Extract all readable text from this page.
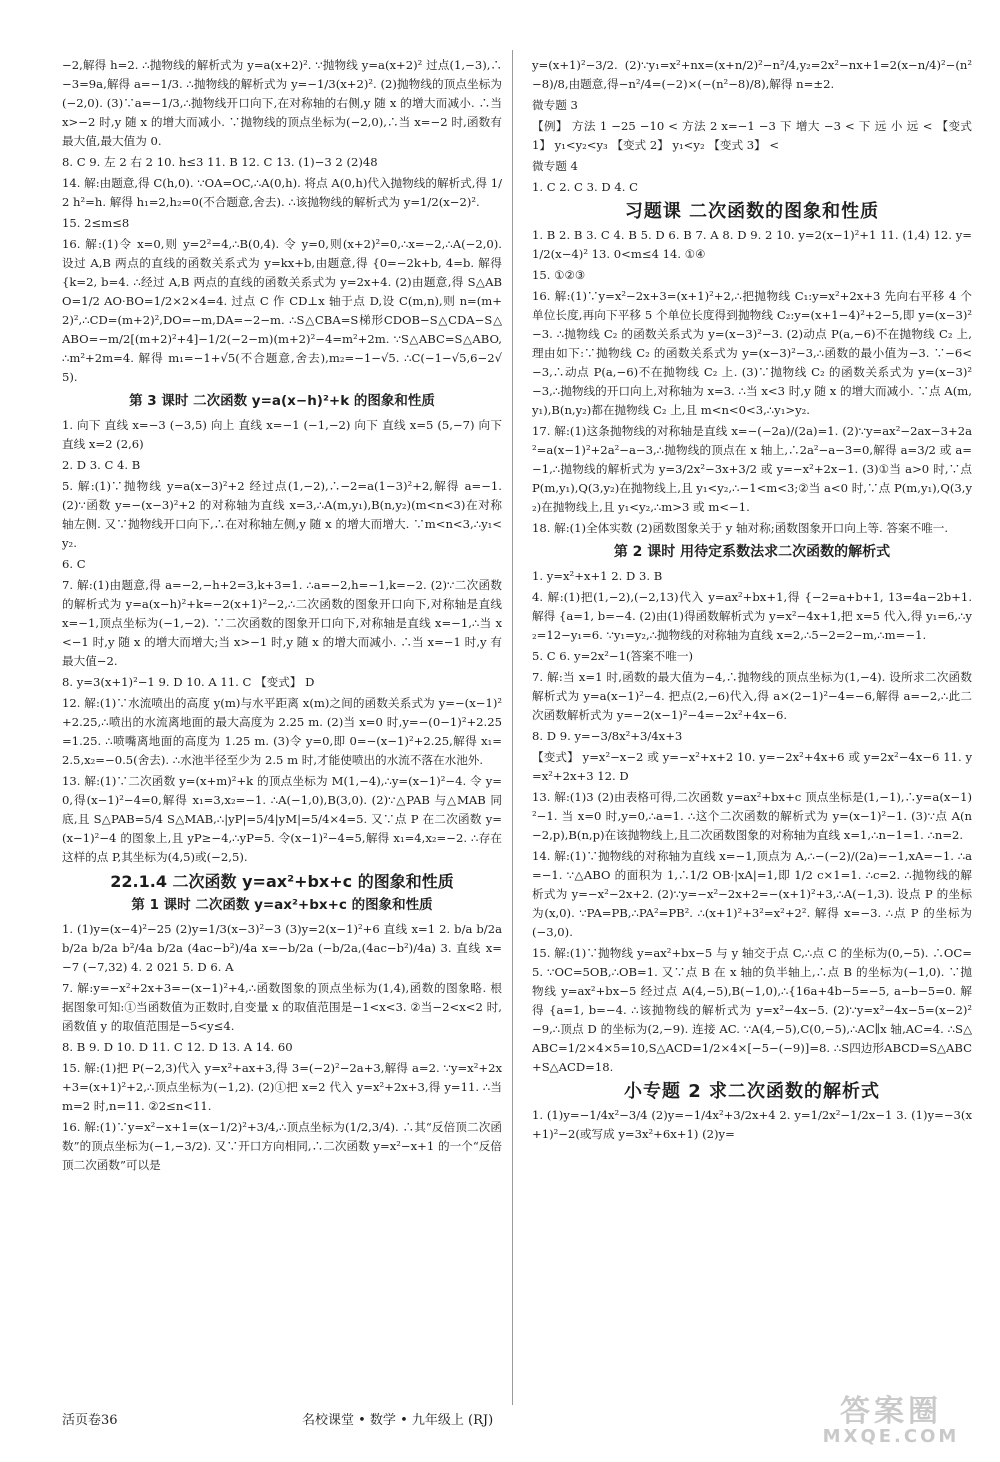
−2,解得 h=2. ∴抛物线的解析式为 y=a(x+2)². ∵抛物线 y=a(x+2)² 过点(1,−3),∴−3=9a,解得 a=−1/3. ∴抛物线的解析式为 y=−1/3(x+2)². (2)抛物线的顶点坐标为(−2,0). (3)∵a=−1/3,∴抛物线开口向下,在对称轴的右侧,y 随 x 的增大而减小. ∴当 x>−2 时,y 随 x 的增大而减小. ∵抛物线的顶点坐标为(−2,0),∴当 x=−2 时,函数有最大值,最大值为 0.
8. C 9. 左 2 右 2 10. h≤3 11. B 12. C 13. (1)−3 2 (2)48
14. 解:由题意,得 C(h,0). ∵OA=OC,∴A(0,h). 将点 A(0,h)代入抛物线的解析式,得 1/2 h²=h. 解得 h₁=2,h₂=0(不合题意,舍去). ∴该抛物线的解析式为 y=1/2(x−2)².
15. 2≤m≤8
16. 解:(1)令 x=0,则 y=2²=4,∴B(0,4). 令 y=0,则(x+2)²=0,∴x=−2,∴A(−2,0). 设过 A,B 两点的直线的函数关系式为 y=kx+b,由题意,得 {0=−2k+b, 4=b. 解得 {k=2, b=4. ∴经过 A,B 两点的直线的函数关系式为 y=2x+4. (2)由题意,得 S△ABO=1/2 AO·BO=1/2×2×4=4. 过点 C 作 CD⊥x 轴于点 D,设 C(m,n),则 n=(m+2)²,∴CD=(m+2)²,DO=−m,DA=−2−m. ∴S△CBA=S梯形CDOB−S△CDA−S△ABO=−m/2[(m+2)²+4]−1/2(−2−m)(m+2)²−4=m²+2m. ∵S△ABC=S△ABO,∴m²+2m=4. 解得 m₁=−1+√5(不合题意,舍去),m₂=−1−√5. ∴C(−1−√5,6−2√5).
第 3 课时 二次函数 y=a(x−h)²+k 的图象和性质
1. 向下 直线 x=−3 (−3,5) 向上 直线 x=−1 (−1,−2) 向下 直线 x=5 (5,−7) 向下 直线 x=2 (2,6)
2. D 3. C 4. B
5. 解:(1)∵抛物线 y=a(x−3)²+2 经过点(1,−2),∴−2=a(1−3)²+2,解得 a=−1. (2)∵函数 y=−(x−3)²+2 的对称轴为直线 x=3,∴A(m,y₁),B(n,y₂)(m<n<3)在对称轴左侧. 又∵抛物线开口向下,∴在对称轴左侧,y 随 x 的增大而增大. ∵m<n<3,∴y₁<y₂.
6. C
7. 解:(1)由题意,得 a=−2,−h+2=3,k+3=1. ∴a=−2,h=−1,k=−2. (2)∵二次函数的解析式为 y=a(x−h)²+k=−2(x+1)²−2,∴二次函数的图象开口向下,对称轴是直线 x=−1,顶点坐标为(−1,−2). ∵二次函数的图象开口向下,对称轴是直线 x=−1,∴当 x<−1 时,y 随 x 的增大而增大;当 x>−1 时,y 随 x 的增大而减小. ∴当 x=−1 时,y 有最大值−2.
8. y=3(x+1)²−1 9. D 10. A 11. C 【变式】 D
12. 解:(1)∵水流喷出的高度 y(m)与水平距离 x(m)之间的函数关系式为 y=−(x−1)²+2.25,∴喷出的水流离地面的最大高度为 2.25 m. (2)当 x=0 时,y=−(0−1)²+2.25=1.25. ∴喷嘴离地面的高度为 1.25 m. (3)令 y=0,即 0=−(x−1)²+2.25,解得 x₁=2.5,x₂=−0.5(舍去). ∴水池半径至少为 2.5 m 时,才能使喷出的水流不落在水池外.
13. 解:(1)∵二次函数 y=(x+m)²+k 的顶点坐标为 M(1,−4),∴y=(x−1)²−4. 令 y=0,得(x−1)²−4=0,解得 x₁=3,x₂=−1. ∴A(−1,0),B(3,0). (2)∵△PAB 与△MAB 同底,且 S△PAB=5/4 S△MAB,∴|yP|=5/4|yM|=5/4×4=5. 又∵点 P 在二次函数 y=(x−1)²−4 的图象上,且 yP≥−4,∴yP=5. 令(x−1)²−4=5,解得 x₁=4,x₂=−2. ∴存在这样的点 P,其坐标为(4,5)或(−2,5).
22.1.4 二次函数 y=ax²+bx+c 的图象和性质
第 1 课时 二次函数 y=ax²+bx+c 的图象和性质
1. (1)y=(x−4)²−25 (2)y=1/3(x−3)²−3 (3)y=2(x−1)²+6 直线 x=1 2. b/a b/2a b/2a b/2a b²/4a b/2a (4ac−b²)/4a x=−b/2a (−b/2a,(4ac−b²)/4a) 3. 直线 x=−7 (−7,32) 4. 2 021 5. D 6. A
7. 解:y=−x²+2x+3=−(x−1)²+4,∴函数图象的顶点坐标为(1,4),函数的图象略. 根据图象可知:①当函数值为正数时,自变量 x 的取值范围是−1<x<3. ②当−2<x<2 时,函数值 y 的取值范围是−5<y≤4.
8. B 9. D 10. D 11. C 12. D 13. A 14. 60
15. 解:(1)把 P(−2,3)代入 y=x²+ax+3,得 3=(−2)²−2a+3,解得 a=2. ∵y=x²+2x+3=(x+1)²+2,∴顶点坐标为(−1,2). (2)①把 x=2 代入 y=x²+2x+3,得 y=11. ∴当 m=2 时,n=11. ②2≤n<11.
16. 解:(1)∵y=x²−x+1=(x−1/2)²+3/4,∴顶点坐标为(1/2,3/4). ∴其“反倍顶二次函数”的顶点坐标为(−1,−3/2). 又∵开口方向相同,∴二次函数 y=x²−x+1 的一个“反倍顶二次函数”可以是
y=(x+1)²−3/2. (2)∵y₁=x²+nx=(x+n/2)²−n²/4,y₂=2x²−nx+1=2(x−n/4)²−(n²−8)/8,由题意,得−n²/4=(−2)×(−(n²−8)/8),解得 n=±2.
微专题 3
【例】 方法 1 −25 −10 < 方法 2 x=−1 −3 下 增大 −3 < 下 远 小 远 < 【变式 1】 y₁<y₂<y₃ 【变式 2】 y₁<y₂ 【变式 3】 <
微专题 4
1. C 2. C 3. D 4. C
习题课 二次函数的图象和性质
1. B 2. B 3. C 4. B 5. D 6. B 7. A 8. D 9. 2 10. y=2(x−1)²+1 11. (1,4) 12. y=1/2(x−4)² 13. 0<m≤4 14. ①④
15. ①②③
16. 解:(1)∵y=x²−2x+3=(x+1)²+2,∴把抛物线 C₁:y=x²+2x+3 先向右平移 4 个单位长度,再向下平移 5 个单位长度得到抛物线 C₂:y=(x+1−4)²+2−5,即 y=(x−3)²−3. ∴抛物线 C₂ 的函数关系式为 y=(x−3)²−3. (2)动点 P(a,−6)不在抛物线 C₂ 上,理由如下:∵抛物线 C₂ 的函数关系式为 y=(x−3)²−3,∴函数的最小值为−3. ∵−6<−3,∴动点 P(a,−6)不在抛物线 C₂ 上. (3)∵抛物线 C₂ 的函数关系式为 y=(x−3)²−3,∴抛物线的开口向上,对称轴为 x=3. ∴当 x<3 时,y 随 x 的增大而减小. ∵点 A(m,y₁),B(n,y₂)都在抛物线 C₂ 上,且 m<n<0<3,∴y₁>y₂.
17. 解:(1)这条抛物线的对称轴是直线 x=−(−2a)/(2a)=1. (2)∵y=ax²−2ax−3+2a²=a(x−1)²+2a²−a−3,∴抛物线的顶点在 x 轴上,∴2a²−a−3=0,解得 a=3/2 或 a=−1,∴抛物线的解析式为 y=3/2x²−3x+3/2 或 y=−x²+2x−1. (3)①当 a>0 时,∵点 P(m,y₁),Q(3,y₂)在抛物线上,且 y₁<y₂,∴−1<m<3;②当 a<0 时,∵点 P(m,y₁),Q(3,y₂)在抛物线上,且 y₁<y₂,∴m>3 或 m<−1.
18. 解:(1)全体实数 (2)函数图象关于 y 轴对称;函数图象开口向上等. 答案不唯一.
第 2 课时 用待定系数法求二次函数的解析式
1. y=x²+x+1 2. D 3. B
4. 解:(1)把(1,−2),(−2,13)代入 y=ax²+bx+1,得 {−2=a+b+1, 13=4a−2b+1. 解得 {a=1, b=−4. (2)由(1)得函数解析式为 y=x²−4x+1,把 x=5 代入,得 y₁=6,∴y₂=12−y₁=6. ∵y₁=y₂,∴抛物线的对称轴为直线 x=2,∴5−2=2−m,∴m=−1.
5. C 6. y=2x²−1(答案不唯一)
7. 解:当 x=1 时,函数的最大值为−4,∴抛物线的顶点坐标为(1,−4). 设所求二次函数解析式为 y=a(x−1)²−4. 把点(2,−6)代入,得 a×(2−1)²−4=−6,解得 a=−2,∴此二次函数解析式为 y=−2(x−1)²−4=−2x²+4x−6.
8. D 9. y=−3/8x²+3/4x+3
【变式】 y=x²−x−2 或 y=−x²+x+2 10. y=−2x²+4x+6 或 y=2x²−4x−6 11. y=x²+2x+3 12. D
13. 解:(1)3 (2)由表格可得,二次函数 y=ax²+bx+c 顶点坐标是(1,−1),∴y=a(x−1)²−1. 当 x=0 时,y=0,∴a=1. ∴这个二次函数的解析式为 y=(x−1)²−1. (3)∵点 A(n−2,p),B(n,p)在该抛物线上,且二次函数图象的对称轴为直线 x=1,∴n−1=1. ∴n=2.
14. 解:(1)∵抛物线的对称轴为直线 x=−1,顶点为 A,∴−(−2)/(2a)=−1,xA=−1. ∴a=−1. ∵△ABO 的面积为 1,∴1/2 OB·|xA|=1,即 1/2 c×1=1. ∴c=2. ∴抛物线的解析式为 y=−x²−2x+2. (2)∵y=−x²−2x+2=−(x+1)²+3,∴A(−1,3). 设点 P 的坐标为(x,0). ∵PA=PB,∴PA²=PB². ∴(x+1)²+3²=x²+2². 解得 x=−3. ∴点 P 的坐标为(−3,0).
15. 解:(1)∵抛物线 y=ax²+bx−5 与 y 轴交于点 C,∴点 C 的坐标为(0,−5). ∴OC=5. ∵OC=5OB,∴OB=1. 又∵点 B 在 x 轴的负半轴上,∴点 B 的坐标为(−1,0). ∵抛物线 y=ax²+bx−5 经过点 A(4,−5),B(−1,0),∴{16a+4b−5=−5, a−b−5=0. 解得 {a=1, b=−4. ∴该抛物线的解析式为 y=x²−4x−5. (2)∵y=x²−4x−5=(x−2)²−9,∴顶点 D 的坐标为(2,−9). 连接 AC. ∵A(4,−5),C(0,−5),∴AC∥x 轴,AC=4. ∴S△ABC=1/2×4×5=10,S△ACD=1/2×4×[−5−(−9)]=8. ∴S四边形ABCD=S△ABC+S△ACD=18.
小专题 2 求二次函数的解析式
1. (1)y=−1/4x²−3/4 (2)y=−1/4x²+3/2x+4 2. y=1/2x²−1/2x−1 3. (1)y=−3(x+1)²−2(或写成 y=3x²+6x+1) (2)y=
活页卷36	名校课堂 • 数学 • 九年级上 (RJ)	答案圈
MXQE.COM
